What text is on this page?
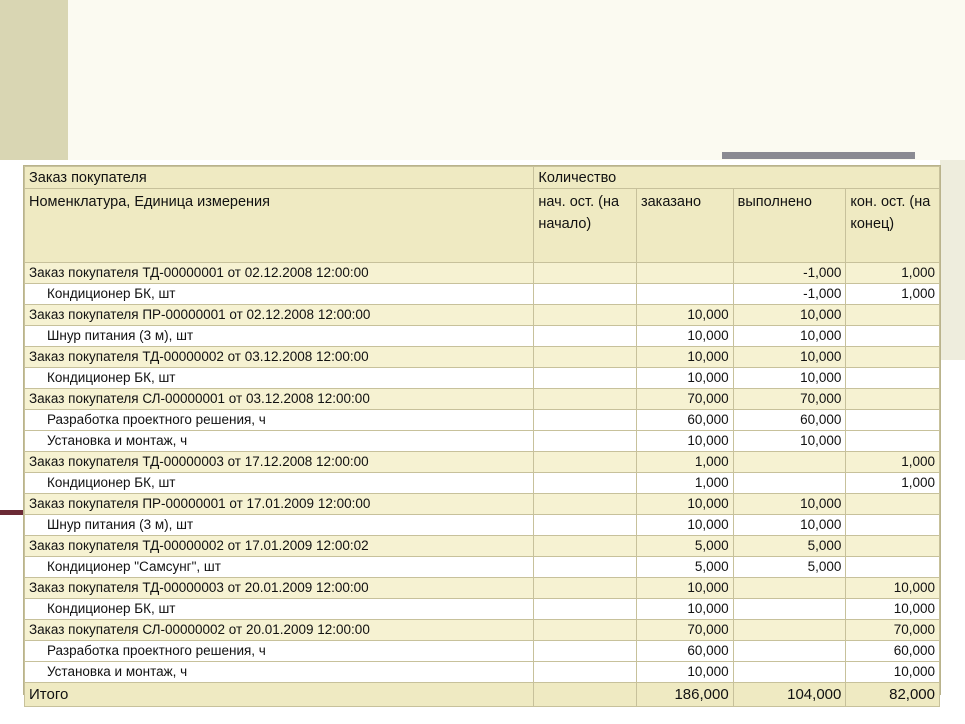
Заказ покупателя	Количество			
Номенклатура, Единица измерения	нач. ост. (на начало)	заказано	выполнено	кон. ост. (на конец)
Заказ покупателя ТД-00000001 от 02.12.2008 12:00:00			-1,000	1,000
Кондиционер БК, шт			-1,000	1,000
Заказ покупателя ПР-00000001 от 02.12.2008 12:00:00		10,000	10,000	
Шнур питания (3 м), шт		10,000	10,000	
Заказ покупателя ТД-00000002 от 03.12.2008 12:00:00		10,000	10,000	
Кондиционер БК, шт		10,000	10,000	
Заказ покупателя СЛ-00000001 от 03.12.2008 12:00:00		70,000	70,000	
Разработка проектного решения, ч		60,000	60,000	
Установка и монтаж, ч		10,000	10,000	
Заказ покупателя ТД-00000003 от 17.12.2008 12:00:00		1,000		1,000
Кондиционер БК, шт		1,000		1,000
Заказ покупателя ПР-00000001 от 17.01.2009 12:00:00		10,000	10,000	
Шнур питания (3 м), шт		10,000	10,000	
Заказ покупателя ТД-00000002 от 17.01.2009 12:00:02		5,000	5,000	
Кондиционер "Самсунг", шт		5,000	5,000	
Заказ покупателя ТД-00000003 от 20.01.2009 12:00:00		10,000		10,000
Кондиционер БК, шт		10,000		10,000
Заказ покупателя СЛ-00000002 от 20.01.2009 12:00:00		70,000		70,000
Разработка проектного решения, ч		60,000		60,000
Установка и монтаж, ч		10,000		10,000
Итого		186,000	104,000	82,000
